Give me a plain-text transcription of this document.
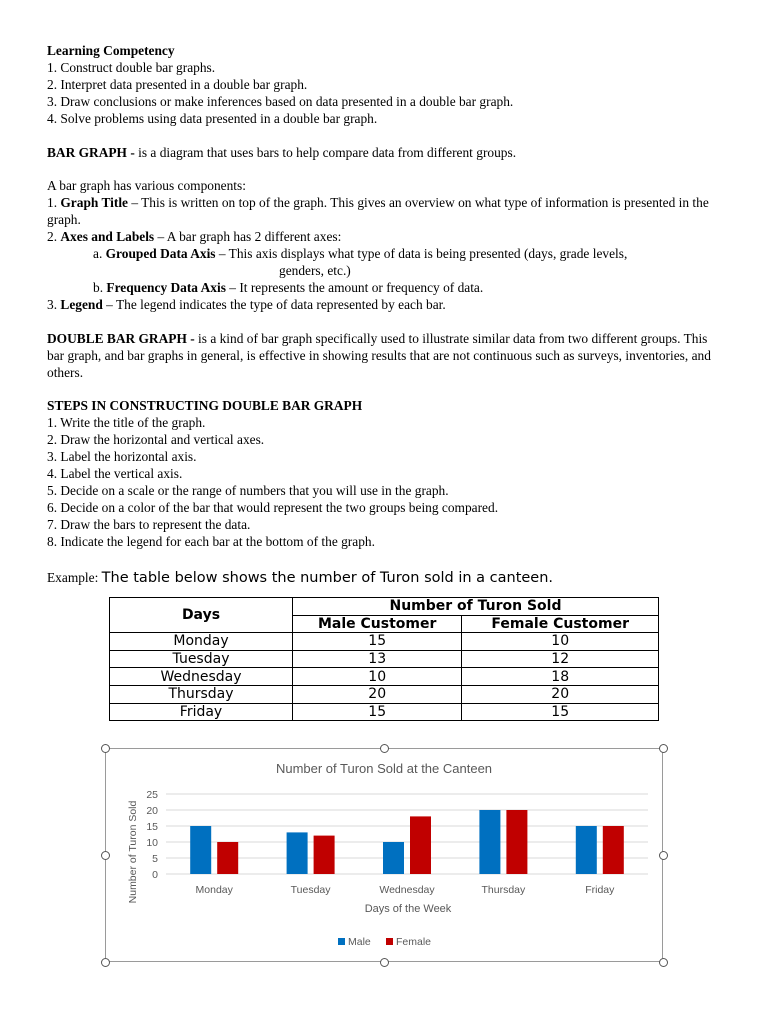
Learning Competency

1. Construct double bar graphs.

2. Interpret data presented in a double bar graph.

3. Draw conclusions or make inferences based on data presented in a double bar graph.

4. Solve problems using data presented in a double bar graph.

BAR GRAPH - is a diagram that uses bars to help compare data from different groups.

A bar graph has various components:

1. Graph Title – This is written on top of the graph. This gives an overview on what type of information is presented in the graph.

2. Axes and Labels – A bar graph has 2 different axes:

a. Grouped Data Axis – This axis displays what type of data is being presented (days, grade levels,

genders, etc.)

b. Frequency Data Axis – It represents the amount or frequency of data.

3. Legend – The legend indicates the type of data represented by each bar.

DOUBLE BAR GRAPH - is a kind of bar graph specifically used to illustrate similar data from two different groups. This bar graph, and bar graphs in general, is effective in showing results that are not continuous such as surveys, inventories, and others.

STEPS IN CONSTRUCTING DOUBLE BAR GRAPH

1. Write the title of the graph.

2. Draw the horizontal and vertical axes.

3. Label the horizontal axis.

4. Label the vertical axis.

5. Decide on a scale or the range of numbers that you will use in the graph.

6. Decide on a color of the bar that would represent the two groups being compared.

7. Draw the bars to represent the data.

8. Indicate the legend for each bar at the bottom of the graph.

Example: The table below shows the number of Turon sold in a canteen.

Days	Number of Turon Sold	
	Male Customer	Female Customer
Monday	15	10
Tuesday	13	12
Wednesday	10	18
Thursday	20	20
Friday	15	15
Number of Turon Sold at the Canteen
Number of Turon Sold
Days of the Week
0
5
10
15
20
25
Monday	Tuesday	Wednesday	Thursday	Friday
Male Female
